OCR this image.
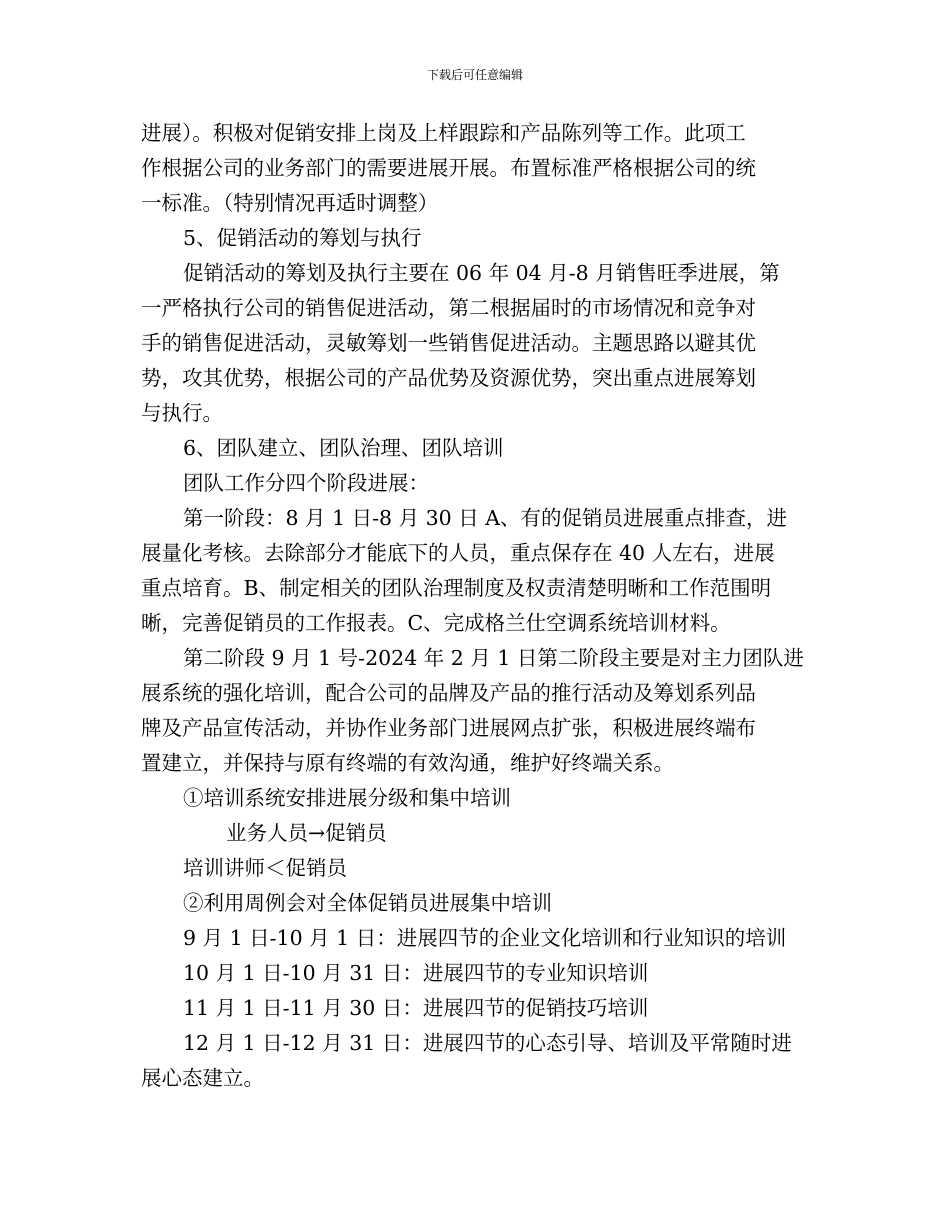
下载后可任意编辑

进展）。积极对促销安排上岗及上样跟踪和产品陈列等工作。此项工

作根据公司的业务部门的需要进展开展。布置标准严格根据公司的统

一标准。（特别情况再适时调整）

5、促销活动的筹划与执行

促销活动的筹划及执行主要在 06 年 04 月-8 月销售旺季进展，第

一严格执行公司的销售促进活动，第二根据届时的市场情况和竞争对

手的销售促进活动，灵敏筹划一些销售促进活动。主题思路以避其优

势，攻其优势，根据公司的产品优势及资源优势，突出重点进展筹划

与执行。

6、团队建立、团队治理、团队培训

团队工作分四个阶段进展：

第一阶段：8 月 1 日-8 月 30 日 A、有的促销员进展重点排查，进

展量化考核。去除部分才能底下的人员，重点保存在 40 人左右，进展

重点培育。B、制定相关的团队治理制度及权责清楚明晰和工作范围明

晰，完善促销员的工作报表。C、完成格兰仕空调系统培训材料。

第二阶段 9 月 1 号-2024 年 2 月 1 日第二阶段主要是对主力团队进

展系统的强化培训，配合公司的品牌及产品的推行活动及筹划系列品

牌及产品宣传活动，并协作业务部门进展网点扩张，积极进展终端布

置建立，并保持与原有终端的有效沟通，维护好终端关系。

①培训系统安排进展分级和集中培训

业务人员→促销员

培训讲师＜促销员

②利用周例会对全体促销员进展集中培训

9 月 1 日-10 月 1 日：进展四节的企业文化培训和行业知识的培训

10 月 1 日-10 月 31 日：进展四节的专业知识培训

11 月 1 日-11 月 30 日：进展四节的促销技巧培训

12 月 1 日-12 月 31 日：进展四节的心态引导、培训及平常随时进

展心态建立。
